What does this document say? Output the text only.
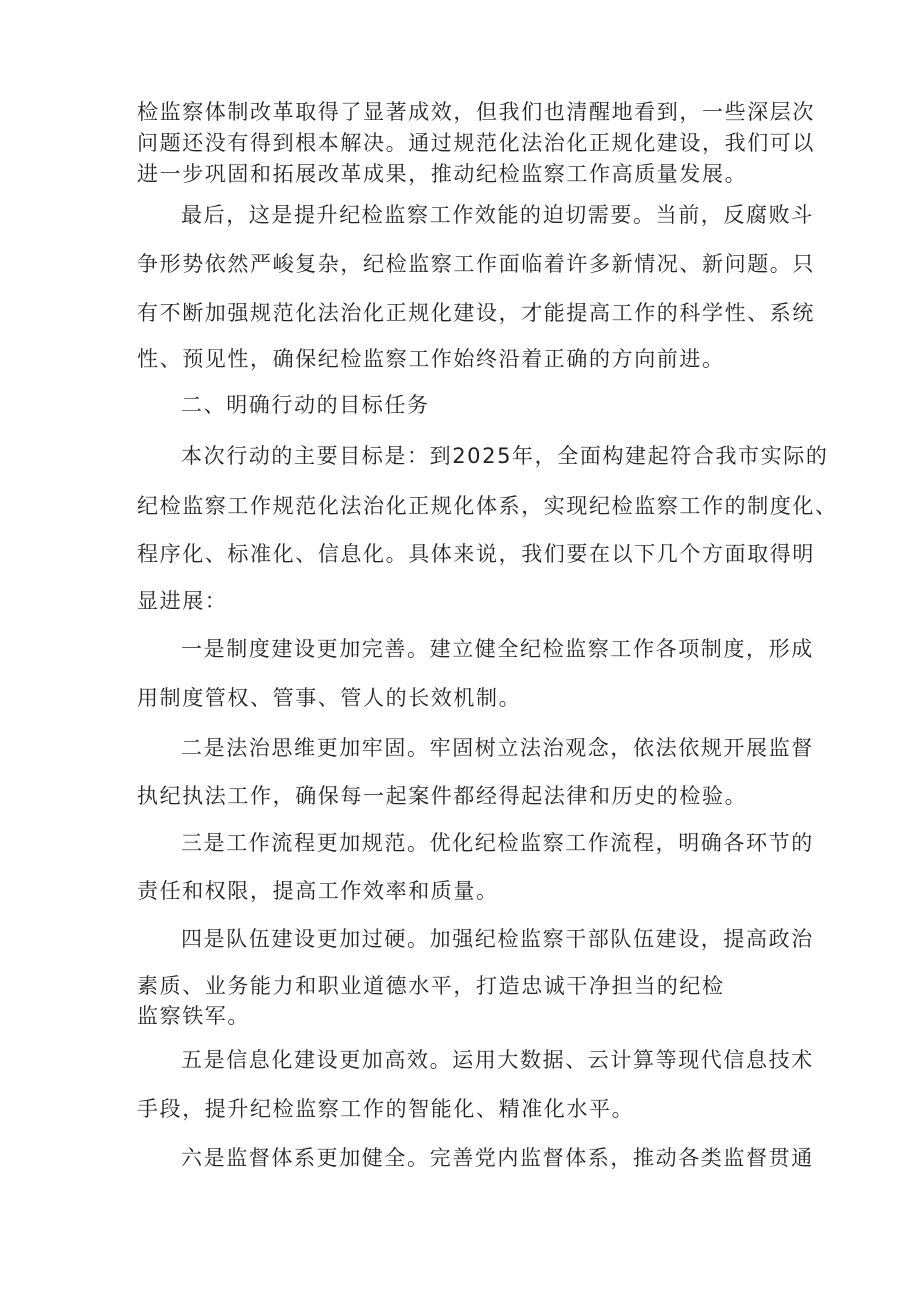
检监察体制改革取得了显著成效，但我们也清醒地看到，一些深层次
问题还没有得到根本解决。通过规范化法治化正规化建设，我们可以
进一步巩固和拓展改革成果，推动纪检监察工作高质量发展。
最后，这是提升纪检监察工作效能的迫切需要。当前，反腐败斗
争形势依然严峻复杂，纪检监察工作面临着许多新情况、新问题。只
有不断加强规范化法治化正规化建设，才能提高工作的科学性、系统
性、预见性，确保纪检监察工作始终沿着正确的方向前进。
二、明确行动的目标任务
本次行动的主要目标是：到2025年，全面构建起符合我市实际的
纪检监察工作规范化法治化正规化体系，实现纪检监察工作的制度化、
程序化、标准化、信息化。具体来说，我们要在以下几个方面取得明
显进展：
一是制度建设更加完善。建立健全纪检监察工作各项制度，形成
用制度管权、管事、管人的长效机制。
二是法治思维更加牢固。牢固树立法治观念，依法依规开展监督
执纪执法工作，确保每一起案件都经得起法律和历史的检验。
三是工作流程更加规范。优化纪检监察工作流程，明确各环节的
责任和权限，提高工作效率和质量。
四是队伍建设更加过硬。加强纪检监察干部队伍建设，提高政治
素质、业务能力和职业道德水平，打造忠诚干净担当的纪检
监察铁军。
五是信息化建设更加高效。运用大数据、云计算等现代信息技术
手段，提升纪检监察工作的智能化、精准化水平。
六是监督体系更加健全。完善党内监督体系，推动各类监督贯通
